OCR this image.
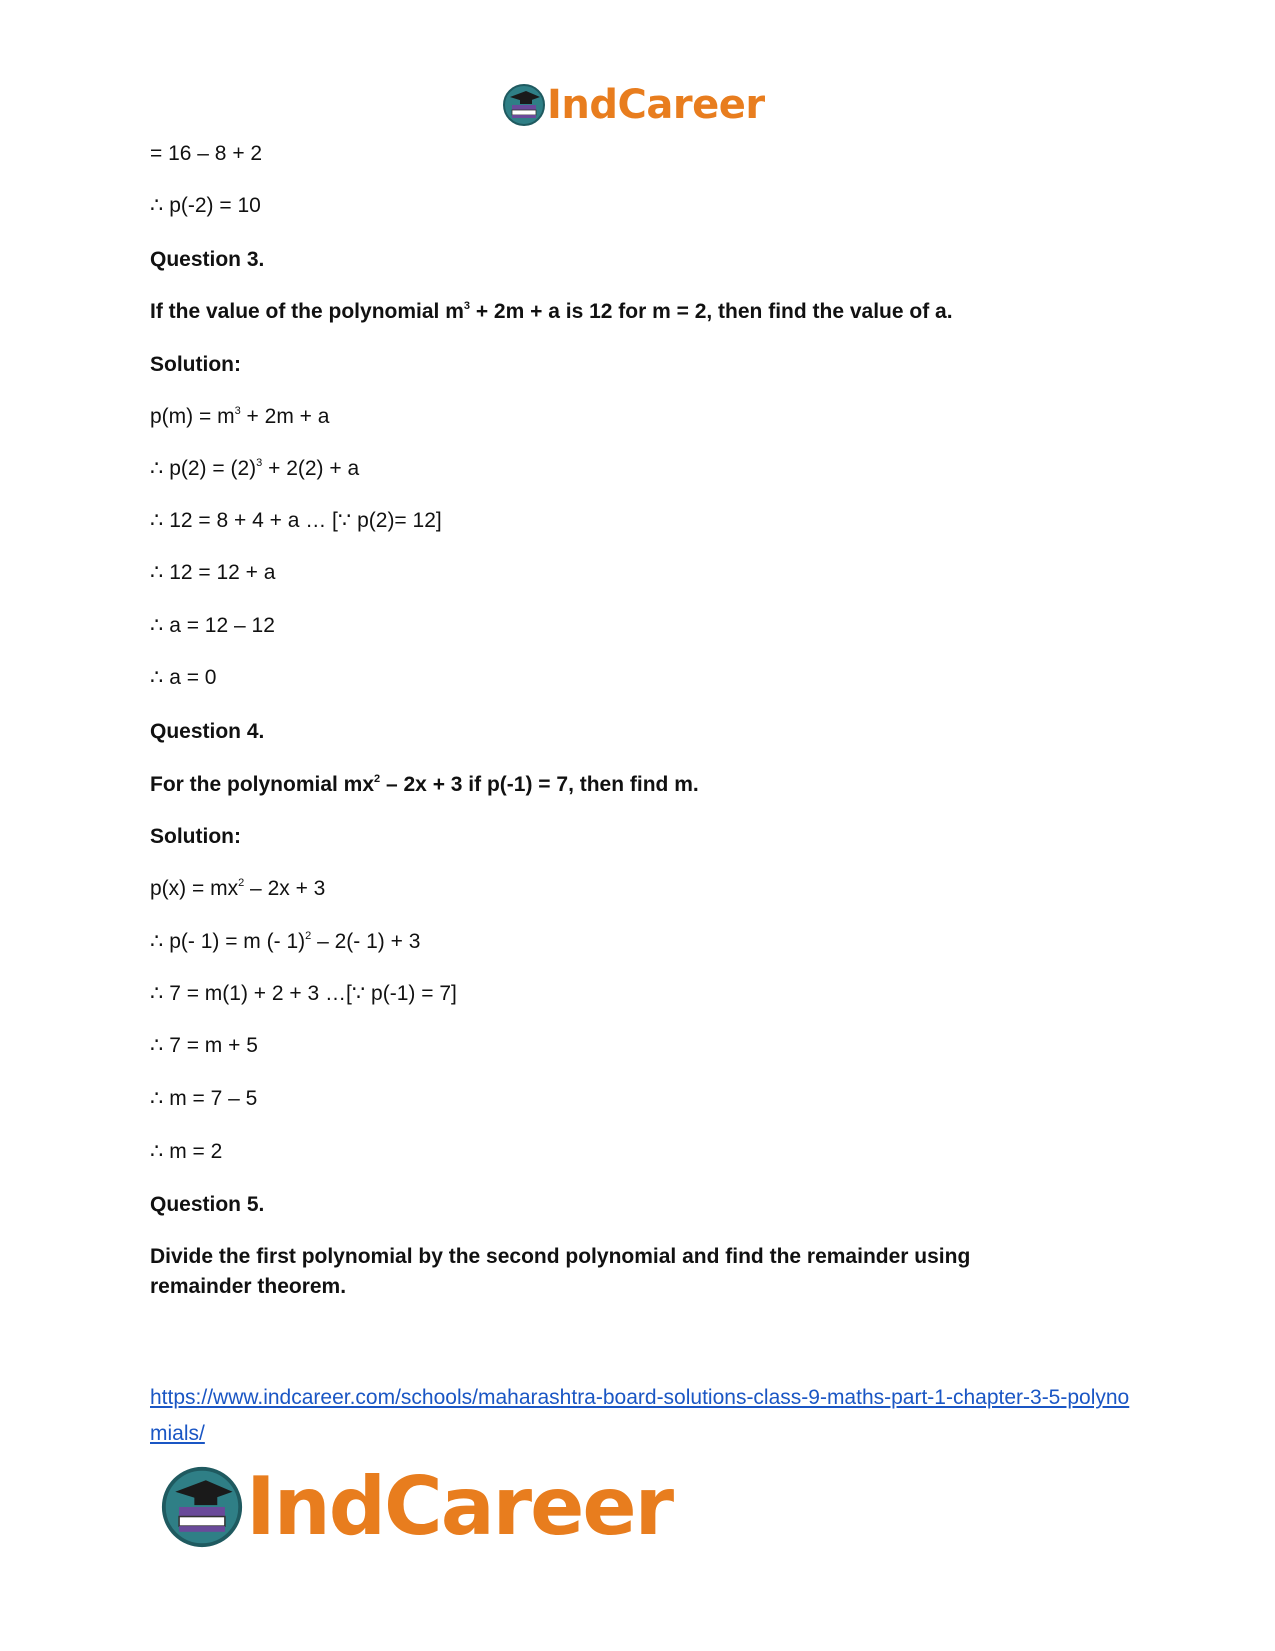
IndCareer
= 16 – 8 + 2
∴ p(-2) = 10
Question 3.
If the value of the polynomial $m^3 + 2m + a$ is 12 for m = 2, then find the value of a.
Solution:
$p(m) = m^3 + 2m + a$
∴ $p(2) = (2)^3 + 2(2) + a$
∴ 12 = 8 + 4 + a … [∵ p(2)= 12]
∴ 12 = 12 + a
∴ a = 12 – 12
∴ a = 0
Question 4.
For the polynomial $mx^2 - 2x + 3$ if p(-1) = 7, then find m.
Solution:
$p(x) = mx^2 - 2x + 3$
∴ p(- 1) = m (- 1)$^2$ – 2(- 1) + 3
∴ 7 = m(1) + 2 + 3 …[∵ p(-1) = 7]
∴ 7 = m + 5
∴ m = 7 – 5
∴ m = 2
Question 5.
Divide the first polynomial by the second polynomial and find the remainder using remainder theorem.
https://www.indcareer.com/schools/maharashtra-board-solutions-class-9-maths-part-1-chapter-3-5-polynomials/
IndCareer
